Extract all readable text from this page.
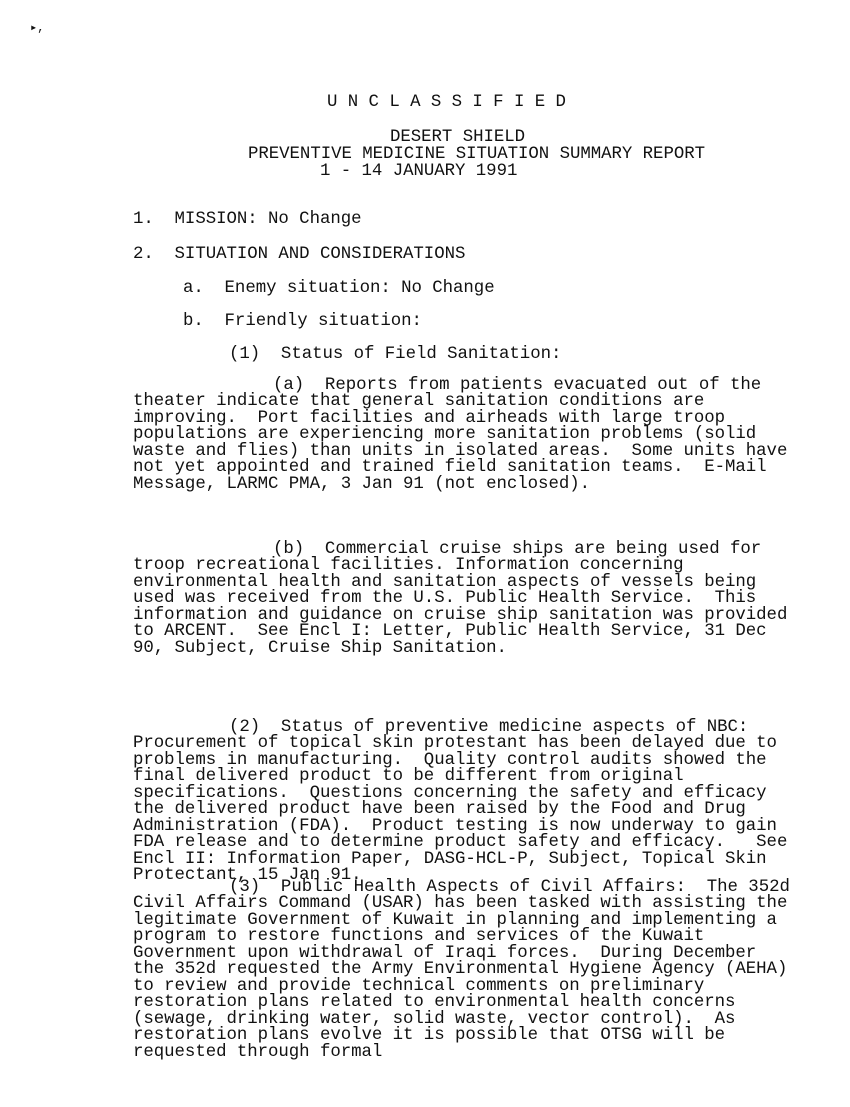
▸,
U N C L A S S I F I E D
DESERT SHIELD
PREVENTIVE MEDICINE SITUATION SUMMARY REPORT
1 - 14 JANUARY 1991
1.  MISSION: No Change
2.  SITUATION AND CONSIDERATIONS
a.  Enemy situation: No Change
b.  Friendly situation:
(1)  Status of Field Sanitation:
(a)  Reports from patients evacuated out of the
theater indicate that general sanitation conditions are
improving.  Port facilities and airheads with large troop
populations are experiencing more sanitation problems (solid
waste and flies) than units in isolated areas.  Some units have
not yet appointed and trained field sanitation teams.  E-Mail
Message, LARMC PMA, 3 Jan 91 (not enclosed).
(b)  Commercial cruise ships are being used for
troop recreational facilities. Information concerning
environmental health and sanitation aspects of vessels being
used was received from the U.S. Public Health Service.  This
information and guidance on cruise ship sanitation was provided
to ARCENT.  See Encl I: Letter, Public Health Service, 31 Dec
90, Subject, Cruise Ship Sanitation.
(2)  Status of preventive medicine aspects of NBC:
Procurement of topical skin protestant has been delayed due to
problems in manufacturing.  Quality control audits showed the
final delivered product to be different from original
specifications.  Questions concerning the safety and efficacy
the delivered product have been raised by the Food and Drug
Administration (FDA).  Product testing is now underway to gain
FDA release and to determine product safety and efficacy.   See
Encl II: Information Paper, DASG-HCL-P, Subject, Topical Skin
Protectant, 15 Jan 91.
(3)  Public Health Aspects of Civil Affairs:  The 352d
Civil Affairs Command (USAR) has been tasked with assisting the
legitimate Government of Kuwait in planning and implementing a
program to restore functions and services of the Kuwait
Government upon withdrawal of Iraqi forces.  During December
the 352d requested the Army Environmental Hygiene Agency (AEHA)
to review and provide technical comments on preliminary
restoration plans related to environmental health concerns
(sewage, drinking water, solid waste, vector control).  As
restoration plans evolve it is possible that OTSG will be
requested through formal
